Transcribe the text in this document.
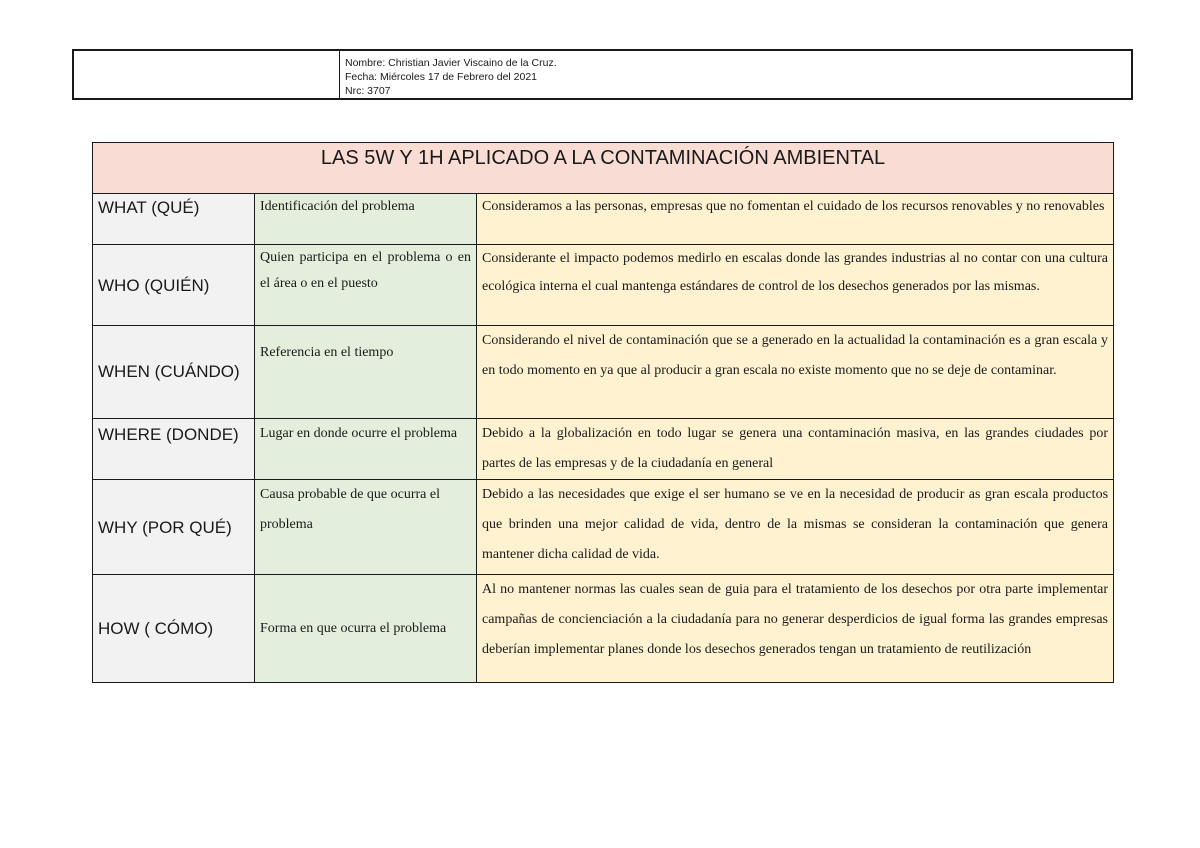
Nombre: Christian Javier Viscaino de la Cruz.
Fecha: Miércoles 17 de Febrero del 2021
Nrc: 3707
LAS 5W Y 1H APLICADO A LA CONTAMINACIÓN AMBIENTAL		
WHAT (QUÉ)	Identificación del problema	Consideramos a las personas, empresas que no fomentan el cuidado de los recursos renovables y no renovables
WHO (QUIÉN)	Quien participa en el problema o en el área o en el puesto	Considerante el impacto podemos medirlo en escalas donde las grandes industrias al no contar con una cultura ecológica interna el cual mantenga estándares de control de los desechos generados por las mismas.
WHEN (CUÁNDO)	Referencia en el tiempo	Considerando el nivel de contaminación que se a generado en la actualidad la contaminación es a gran escala y en todo momento en ya que al producir a gran escala no existe momento que no se deje de contaminar.
WHERE (DONDE)	Lugar en donde ocurre el problema	Debido a la globalización en todo lugar se genera una contaminación masiva, en las grandes ciudades por partes de las empresas y de la ciudadanía en general
WHY (POR QUÉ)	Causa probable de que ocurra el problema	Debido a las necesidades que exige el ser humano se ve en la necesidad de producir as gran escala productos que brinden una mejor calidad de vida, dentro de la mismas se consideran la contaminación que genera mantener dicha calidad de vida.
HOW ( CÓMO)	Forma en que ocurra el problema	Al no mantener normas las cuales sean de guia para el tratamiento de los desechos por otra parte implementar campañas de concienciación a la ciudadanía para no generar desperdicios de igual forma las grandes empresas deberían implementar planes donde los desechos generados tengan un tratamiento de reutilización
